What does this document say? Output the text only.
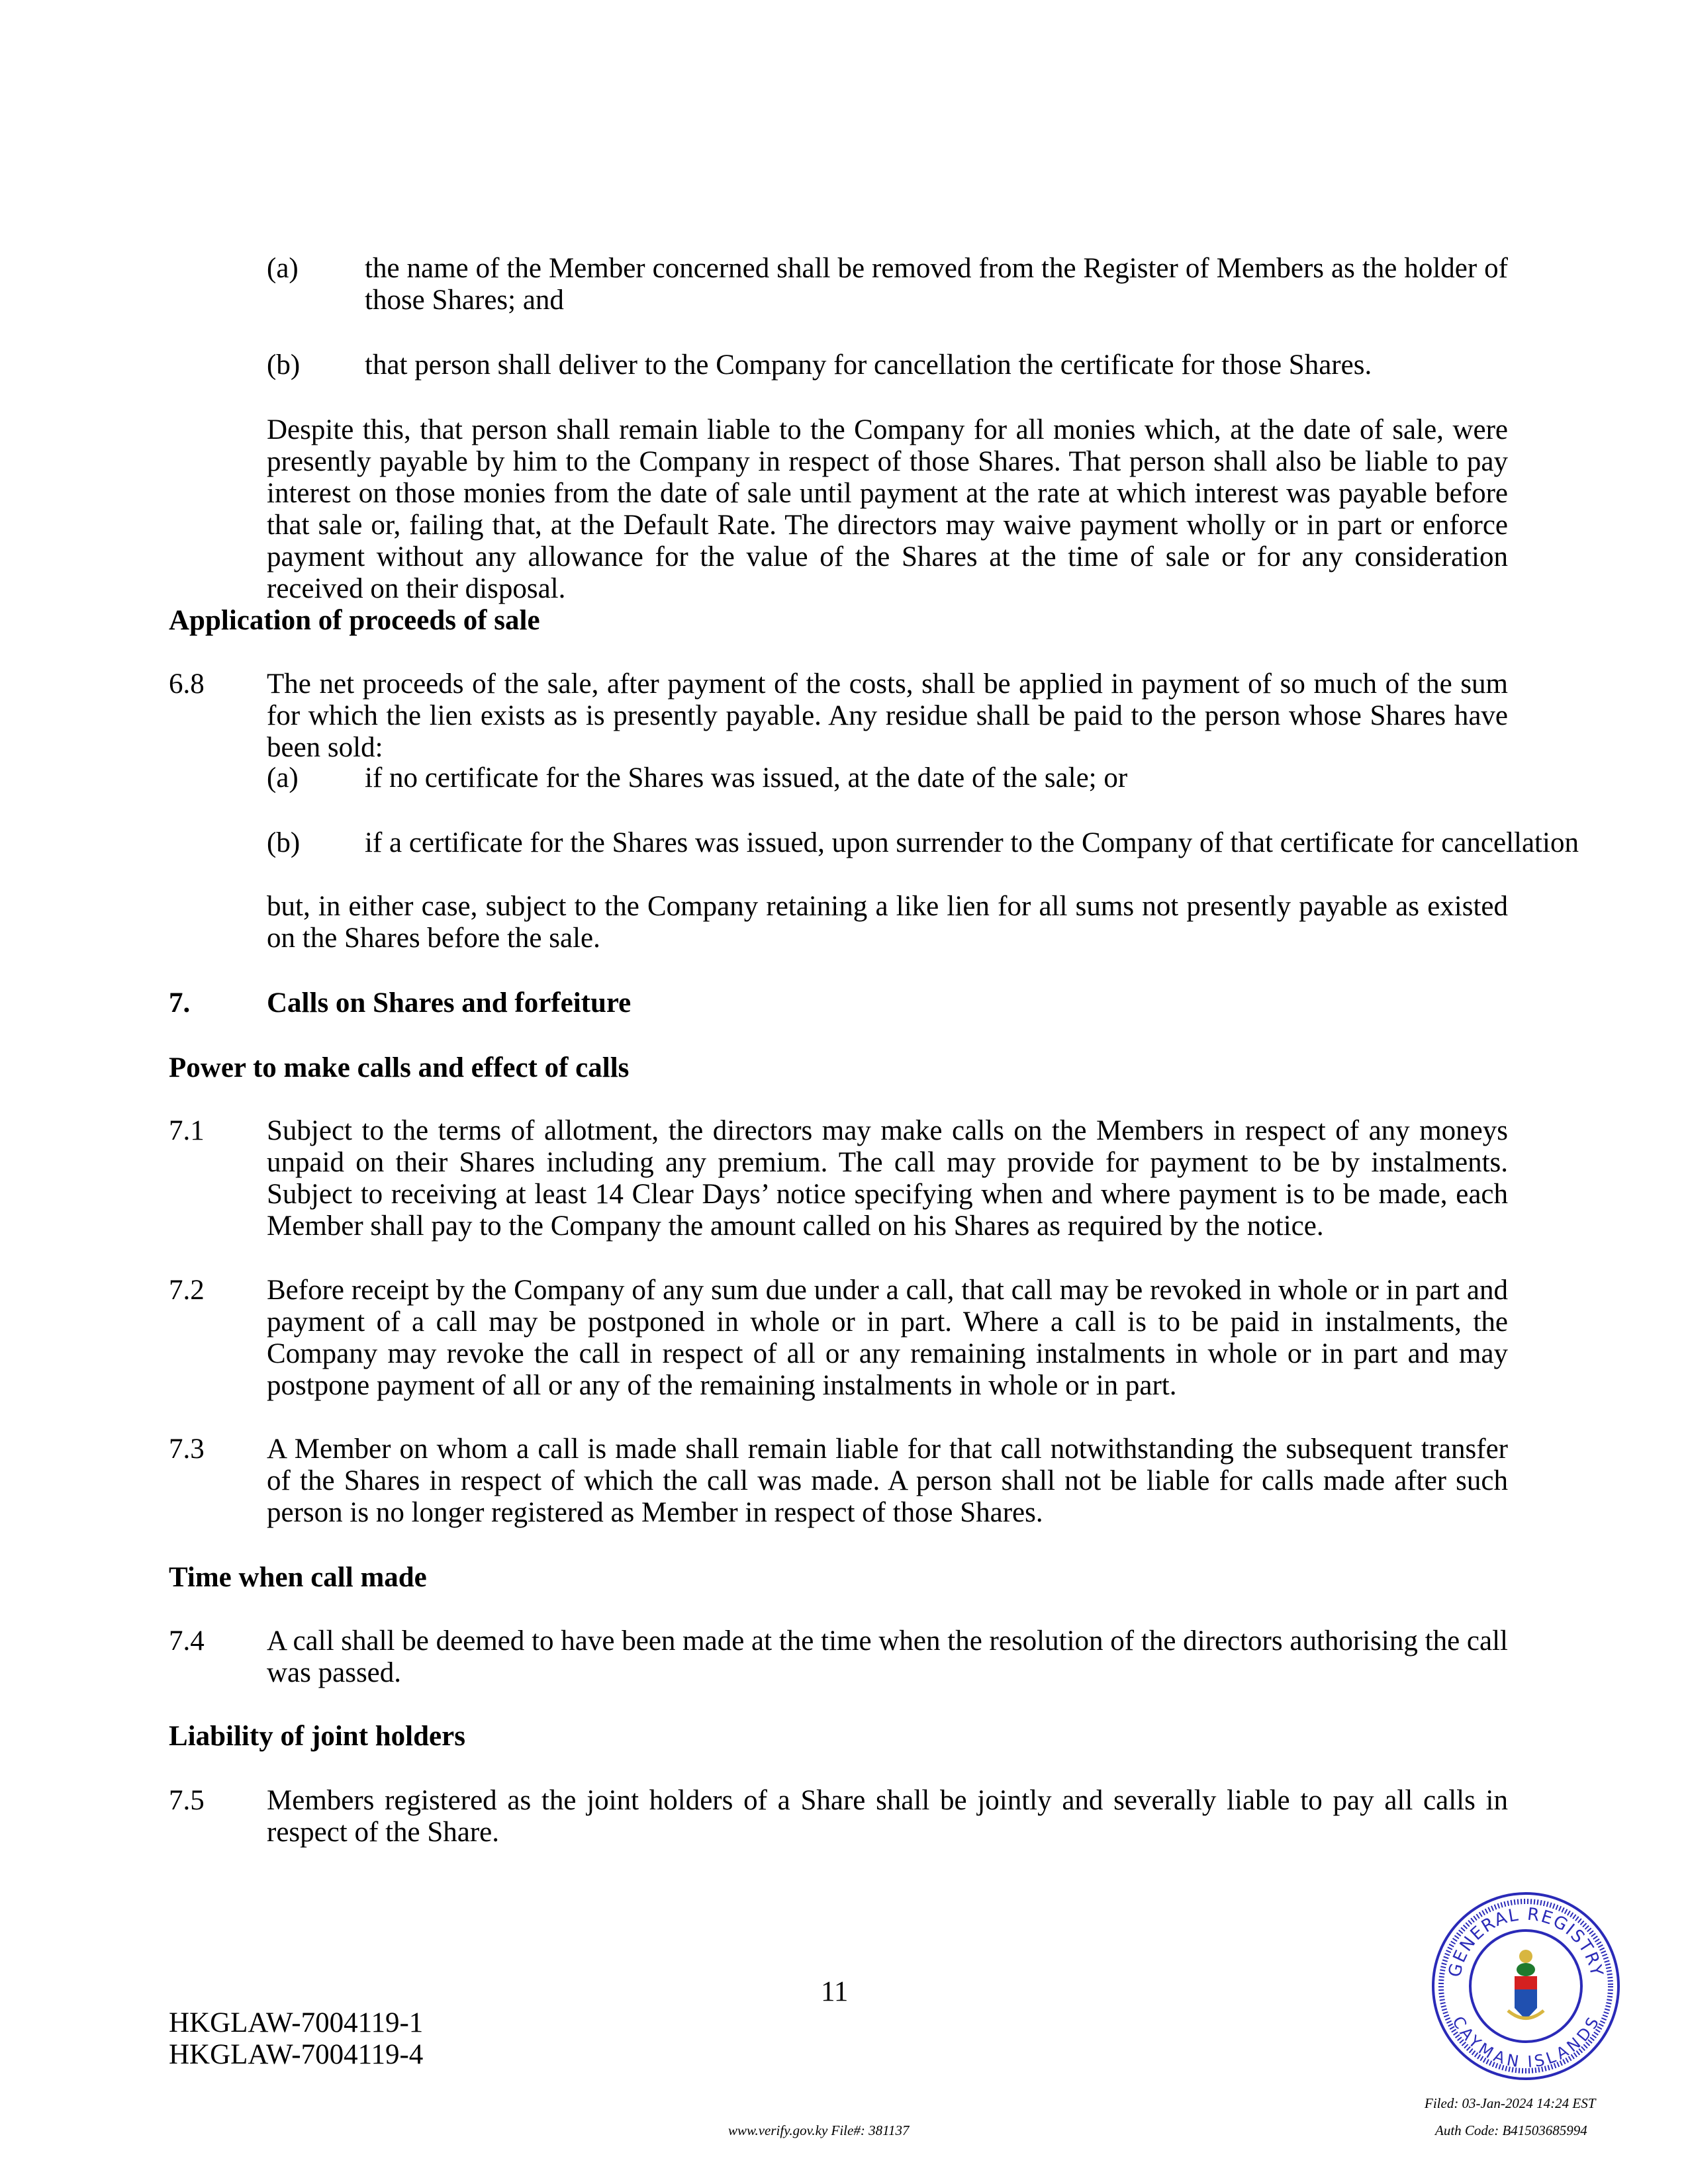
(a) the name of the Member concerned shall be removed from the Register of Members as the holder of those Shares; and
(b) that person shall deliver to the Company for cancellation the certificate for those Shares.
Despite this, that person shall remain liable to the Company for all monies which, at the date of sale, were presently payable by him to the Company in respect of those Shares. That person shall also be liable to pay interest on those monies from the date of sale until payment at the rate at which interest was payable before that sale or, failing that, at the Default Rate. The directors may waive payment wholly or in part or enforce payment without any allowance for the value of the Shares at the time of sale or for any consideration received on their disposal.
Application of proceeds of sale
6.8 The net proceeds of the sale, after payment of the costs, shall be applied in payment of so much of the sum for which the lien exists as is presently payable. Any residue shall be paid to the person whose Shares have been sold:
(a) if no certificate for the Shares was issued, at the date of the sale; or
(b) if a certificate for the Shares was issued, upon surrender to the Company of that certificate for cancellation
but, in either case, subject to the Company retaining a like lien for all sums not presently payable as existed on the Shares before the sale.
7.	Calls on Shares and forfeiture
Power to make calls and effect of calls
7.1 Subject to the terms of allotment, the directors may make calls on the Members in respect of any moneys unpaid on their Shares including any premium. The call may provide for payment to be by instalments. Subject to receiving at least 14 Clear Days’ notice specifying when and where payment is to be made, each Member shall pay to the Company the amount called on his Shares as required by the notice.
7.2 Before receipt by the Company of any sum due under a call, that call may be revoked in whole or in part and payment of a call may be postponed in whole or in part. Where a call is to be paid in instalments, the Company may revoke the call in respect of all or any remaining instalments in whole or in part and may postpone payment of all or any of the remaining instalments in whole or in part.
7.3 A Member on whom a call is made shall remain liable for that call notwithstanding the subsequent transfer of the Shares in respect of which the call was made. A person shall not be liable for calls made after such person is no longer registered as Member in respect of those Shares.
Time when call made
7.4 A call shall be deemed to have been made at the time when the resolution of the directors authorising the call was passed.
Liability of joint holders
7.5 Members registered as the joint holders of a Share shall be jointly and severally liable to pay all calls in respect of the Share.
11
HKGLAW-7004119-1
HKGLAW-7004119-4
GENERAL REGISTRY
CAYMAN ISLANDS
Filed: 03-Jan-2024 14:24 EST
Auth Code: B41503685994
www.verify.gov.ky File#: 381137
